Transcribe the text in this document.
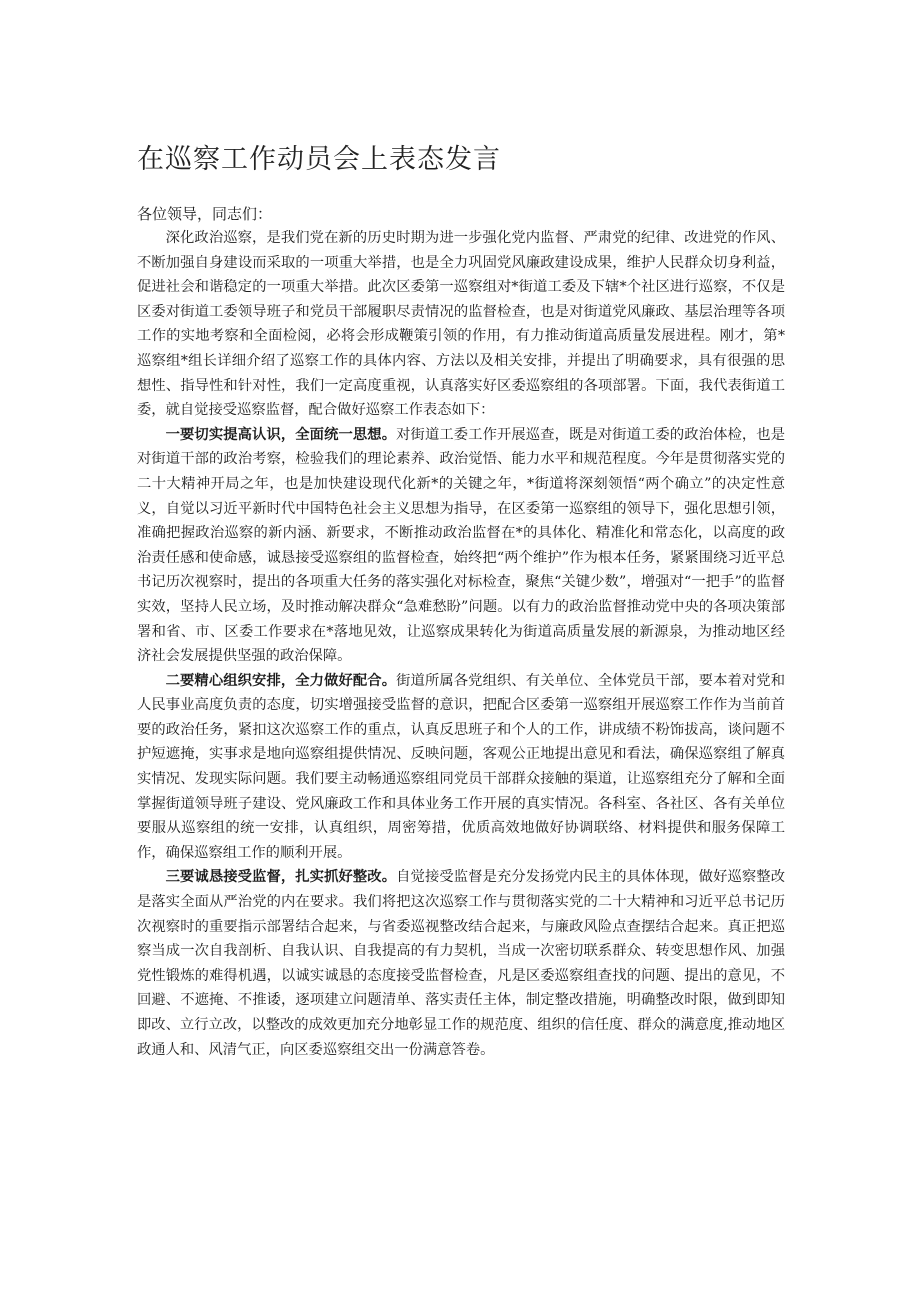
在巡察工作动员会上表态发言

各位领导，同志们：

深化政治巡察，是我们党在新的历史时期为进一步强化党内监督、严肃党的纪律、改进党的作风、不断加强自身建设而采取的一项重大举措，也是全力巩固党风廉政建设成果，维护人民群众切身利益，促进社会和谐稳定的一项重大举措。此次区委第一巡察组对*街道工委及下辖*个社区进行巡察，不仅是区委对街道工委领导班子和党员干部履职尽责情况的监督检查，也是对街道党风廉政、基层治理等各项工作的实地考察和全面检阅，必将会形成鞭策引领的作用，有力推动街道高质量发展进程。刚才，第*巡察组*组长详细介绍了巡察工作的具体内容、方法以及相关安排，并提出了明确要求，具有很强的思想性、指导性和针对性，我们一定高度重视，认真落实好区委巡察组的各项部署。下面，我代表街道工委，就自觉接受巡察监督，配合做好巡察工作表态如下：

一要切实提高认识，全面统一思想。对街道工委工作开展巡查，既是对街道工委的政治体检，也是对街道干部的政治考察，检验我们的理论素养、政治觉悟、能力水平和规范程度。今年是贯彻落实党的二十大精神开局之年，也是加快建设现代化新*的关键之年，*街道将深刻领悟“两个确立”的决定性意义，自觉以习近平新时代中国特色社会主义思想为指导，在区委第一巡察组的领导下，强化思想引领，准确把握政治巡察的新内涵、新要求，不断推动政治监督在*的具体化、精准化和常态化，以高度的政治责任感和使命感，诚恳接受巡察组的监督检查，始终把“两个维护”作为根本任务，紧紧围绕习近平总书记历次视察时，提出的各项重大任务的落实强化对标检查，聚焦“关键少数”，增强对“一把手”的监督实效，坚持人民立场，及时推动解决群众“急难愁盼”问题。以有力的政治监督推动党中央的各项决策部署和省、市、区委工作要求在*落地见效，让巡察成果转化为街道高质量发展的新源泉，为推动地区经济社会发展提供坚强的政治保障。

二要精心组织安排，全力做好配合。街道所属各党组织、有关单位、全体党员干部，要本着对党和人民事业高度负责的态度，切实增强接受监督的意识，把配合区委第一巡察组开展巡察工作作为当前首要的政治任务，紧扣这次巡察工作的重点，认真反思班子和个人的工作，讲成绩不粉饰拔高，谈问题不护短遮掩，实事求是地向巡察组提供情况、反映问题，客观公正地提出意见和看法，确保巡察组了解真实情况、发现实际问题。我们要主动畅通巡察组同党员干部群众接触的渠道，让巡察组充分了解和全面掌握街道领导班子建设、党风廉政工作和具体业务工作开展的真实情况。各科室、各社区、各有关单位要服从巡察组的统一安排，认真组织，周密筹措，优质高效地做好协调联络、材料提供和服务保障工作，确保巡察组工作的顺利开展。

三要诚恳接受监督，扎实抓好整改。自觉接受监督是充分发扬党内民主的具体体现，做好巡察整改是落实全面从严治党的内在要求。我们将把这次巡察工作与贯彻落实党的二十大精神和习近平总书记历次视察时的重要指示部署结合起来，与省委巡视整改结合起来，与廉政风险点查摆结合起来。真正把巡察当成一次自我剖析、自我认识、自我提高的有力契机，当成一次密切联系群众、转变思想作风、加强党性锻炼的难得机遇，以诚实诚恳的态度接受监督检查，凡是区委巡察组查找的问题、提出的意见，不回避、不遮掩、不推诿，逐项建立问题清单、落实责任主体，制定整改措施，明确整改时限，做到即知即改、立行立改，以整改的成效更加充分地彰显工作的规范度、组织的信任度、群众的满意度,推动地区政通人和、风清气正，向区委巡察组交出一份满意答卷。
